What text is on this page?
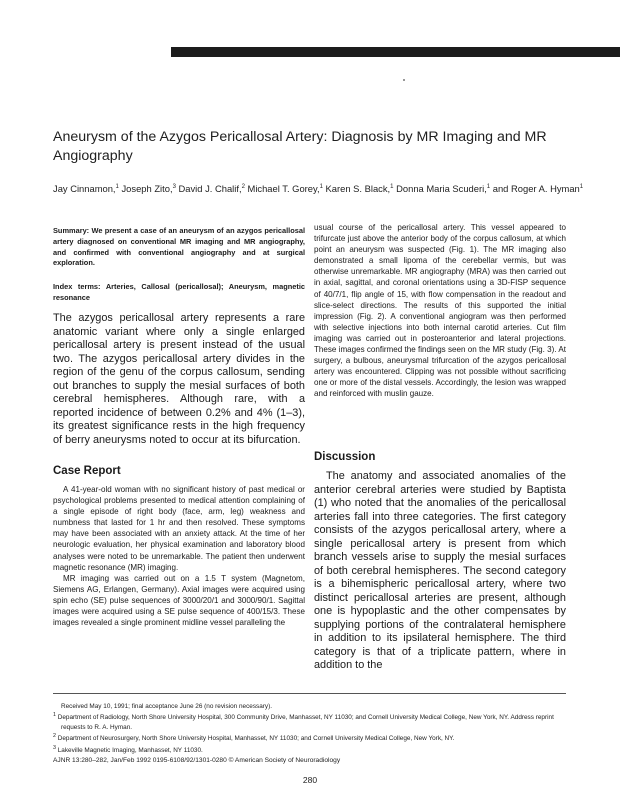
Aneurysm of the Azygos Pericallosal Artery: Diagnosis by MR Imaging and MR
Angiography
Jay Cinnamon,$^1$ Joseph Zito,$^3$ David J. Chalif,$^2$ Michael T. Gorey,$^1$ Karen S. Black,$^1$ Donna Maria Scuderi,$^1$ and Roger A. Hyman$^1$
Summary: We present a case of an aneurysm of an azygos pericallosal artery diagnosed on conventional MR imaging and MR angiography, and confirmed with conventional angiography and at surgical exploration.
Index terms: Arteries, Callosal (pericallosal); Aneurysm, magnetic resonance
The azygos pericallosal artery represents a rare anatomic variant where only a single enlarged pericallosal artery is present instead of the usual two. The azygos pericallosal artery divides in the region of the genu of the corpus callosum, sending out branches to supply the mesial surfaces of both cerebral hemispheres. Although rare, with a reported incidence of between 0.2% and 4% (1–3), its greatest significance rests in the high frequency of berry aneurysms noted to occur at its bifurcation.
Case Report

A 41-year-old woman with no significant history of past medical or psychological problems presented to medical attention complaining of a single episode of right body (face, arm, leg) weakness and numbness that lasted for 1 hr and then resolved. These symptoms may have been associated with an anxiety attack. At the time of her neurologic evaluation, her physical examination and laboratory blood analyses were noted to be unremarkable. The patient then underwent magnetic resonance (MR) imaging.

MR imaging was carried out on a 1.5 T system (Magnetom, Siemens AG, Erlangen, Germany). Axial images were acquired using spin echo (SE) pulse sequences of 3000/20/1 and 3000/90/1. Sagittal images were acquired using a SE pulse sequence of 400/15/3. These images revealed a single prominent midline vessel paralleling the

usual course of the pericallosal artery. This vessel appeared to trifurcate just above the anterior body of the corpus callosum, at which point an aneurysm was suspected (Fig. 1). The MR imaging also demonstrated a small lipoma of the cerebellar vermis, but was otherwise unremarkable. MR angiography (MRA) was then carried out in axial, sagittal, and coronal orientations using a 3D-FISP sequence of 40/7/1, flip angle of 15, with flow compensation in the readout and slice-select directions. The results of this supported the initial impression (Fig. 2). A conventional angiogram was then performed with selective injections into both internal carotid arteries. Cut film imaging was carried out in posteroanterior and lateral projections. These images confirmed the findings seen on the MR study (Fig. 3). At surgery, a bulbous, aneurysmal trifurcation of the azygos pericallosal artery was encountered. Clipping was not possible without sacrificing one or more of the distal vessels. Accordingly, the lesion was wrapped and reinforced with muslin gauze.

Discussion

The anatomy and associated anomalies of the anterior cerebral arteries were studied by Baptista (1) who noted that the anomalies of the pericallosal arteries fall into three categories. The first category consists of the azygos pericallosal artery, where a single pericallosal artery is present from which branch vessels arise to supply the mesial surfaces of both cerebral hemispheres. The second category is a bihemispheric pericallosal artery, where two distinct pericallosal arteries are present, although one is hypoplastic and the other compensates by supplying portions of the contralateral hemisphere in addition to its ipsilateral hemisphere. The third category is that of a triplicate pattern, where in addition to the

Received May 10, 1991; final acceptance June 26 (no revision necessary).
$^1$ Department of Radiology, North Shore University Hospital, 300 Community Drive, Manhasset, NY 11030; and Cornell University Medical College, New York, NY. Address reprint requests to R. A. Hyman.
$^2$ Department of Neurosurgery, North Shore University Hospital, Manhasset, NY 11030; and Cornell University Medical College, New York, NY.
$^3$ Lakeville Magnetic Imaging, Manhasset, NY 11030.
AJNR 13:280–282, Jan/Feb 1992 0195-6108/92/1301-0280 © American Society of Neuroradiology
280
